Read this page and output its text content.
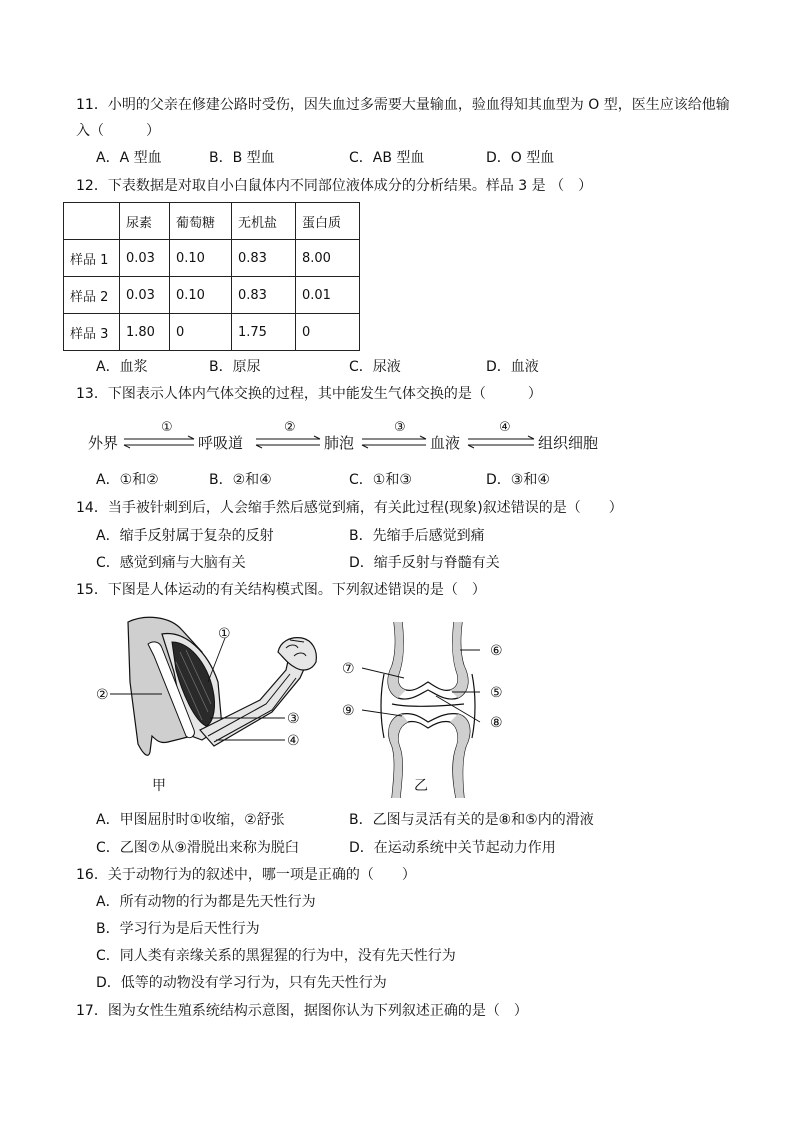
11．小明的父亲在修建公路时受伤，因失血过多需要大量输血，验血得知其血型为 O 型，医生应该给他输
入（　　　）
A．A 型血	B．B 型血	C．AB 型血	D．O 型血
12．下表数据是对取自小白鼠体内不同部位液体成分的分析结果。样品 3 是 （　）
	尿素	葡萄糖	无机盐	蛋白质
样品 1	0.03	0.10	0.83	8.00
样品 2	0.03	0.10	0.83	0.01
样品 3	1.80	0	1.75	0
A．血浆	B．原尿	C．尿液	D．血液
13．下图表示人体内气体交换的过程，其中能发生气体交换的是（　　　）
外界	呼吸道	肺泡	血液	组织细胞
①	②	③	④
A．①和②	B．②和④	C．①和③	D．③和④
14．当手被针刺到后，人会缩手然后感觉到痛，有关此过程(现象)叙述错误的是（　　）
A．缩手反射属于复杂的反射	B．先缩手后感觉到痛
C．感觉到痛与大脑有关	D．缩手反射与脊髓有关
15．下图是人体运动的有关结构模式图。下列叙述错误的是（　）
①
②
③
④
甲
⑥
⑤
⑧
⑦
⑨
乙
A．甲图屈肘时①收缩，②舒张	B．乙图与灵活有关的是⑧和⑤内的滑液
C．乙图⑦从⑨滑脱出来称为脱臼	D．在运动系统中关节起动力作用
16．关于动物行为的叙述中，哪一项是正确的（　　）
A．所有动物的行为都是先天性行为
B．学习行为是后天性行为
C．同人类有亲缘关系的黑猩猩的行为中，没有先天性行为
D．低等的动物没有学习行为，只有先天性行为
17．图为女性生殖系统结构示意图，据图你认为下列叙述正确的是（　）
